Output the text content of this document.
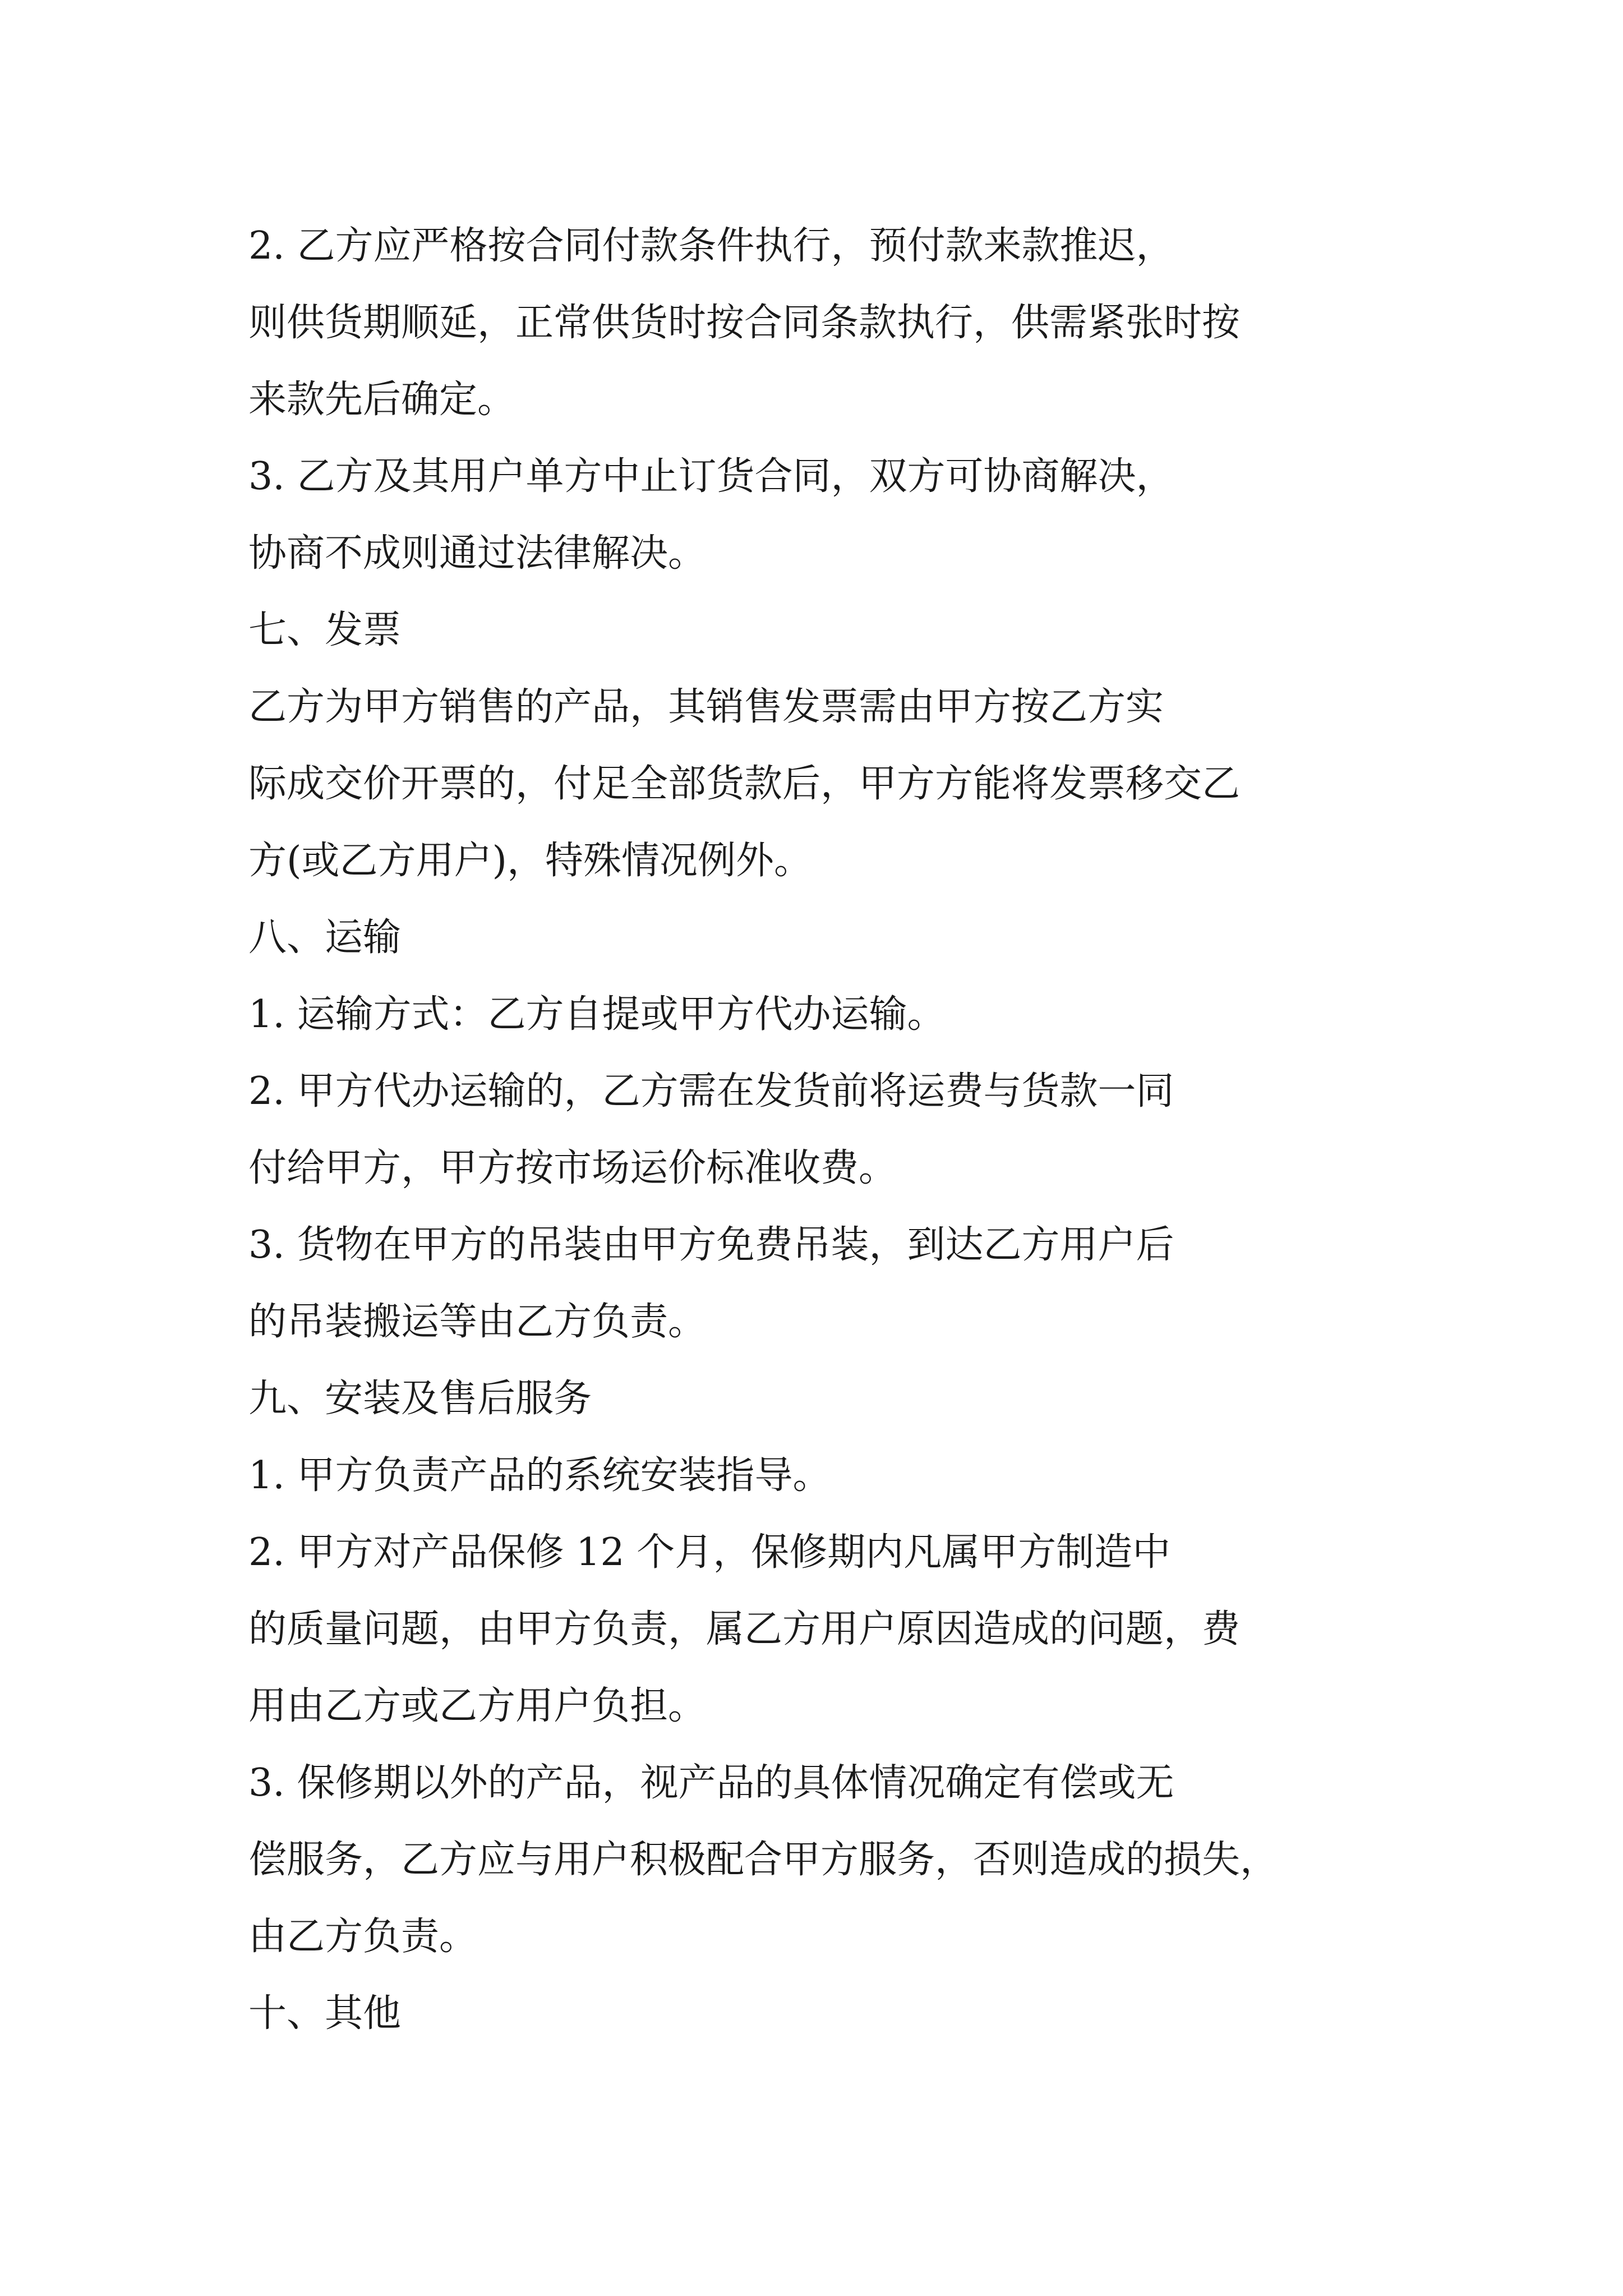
2. 乙方应严格按合同付款条件执行，预付款来款推迟，
则供货期顺延，正常供货时按合同条款执行，供需紧张时按
来款先后确定。

3. 乙方及其用户单方中止订货合同，双方可协商解决，
协商不成则通过法律解决。

七、发票

乙方为甲方销售的产品，其销售发票需由甲方按乙方实
际成交价开票的，付足全部货款后，甲方方能将发票移交乙
方(或乙方用户)，特殊情况例外。

八、运输

1. 运输方式：乙方自提或甲方代办运输。

2. 甲方代办运输的，乙方需在发货前将运费与货款一同
付给甲方，甲方按市场运价标准收费。

3. 货物在甲方的吊装由甲方免费吊装，到达乙方用户后
的吊装搬运等由乙方负责。

九、安装及售后服务

1. 甲方负责产品的系统安装指导。

2. 甲方对产品保修 12 个月，保修期内凡属甲方制造中
的质量问题，由甲方负责，属乙方用户原因造成的问题，费
用由乙方或乙方用户负担。

3. 保修期以外的产品，视产品的具体情况确定有偿或无
偿服务，乙方应与用户积极配合甲方服务，否则造成的损失，
由乙方负责。

十、其他
